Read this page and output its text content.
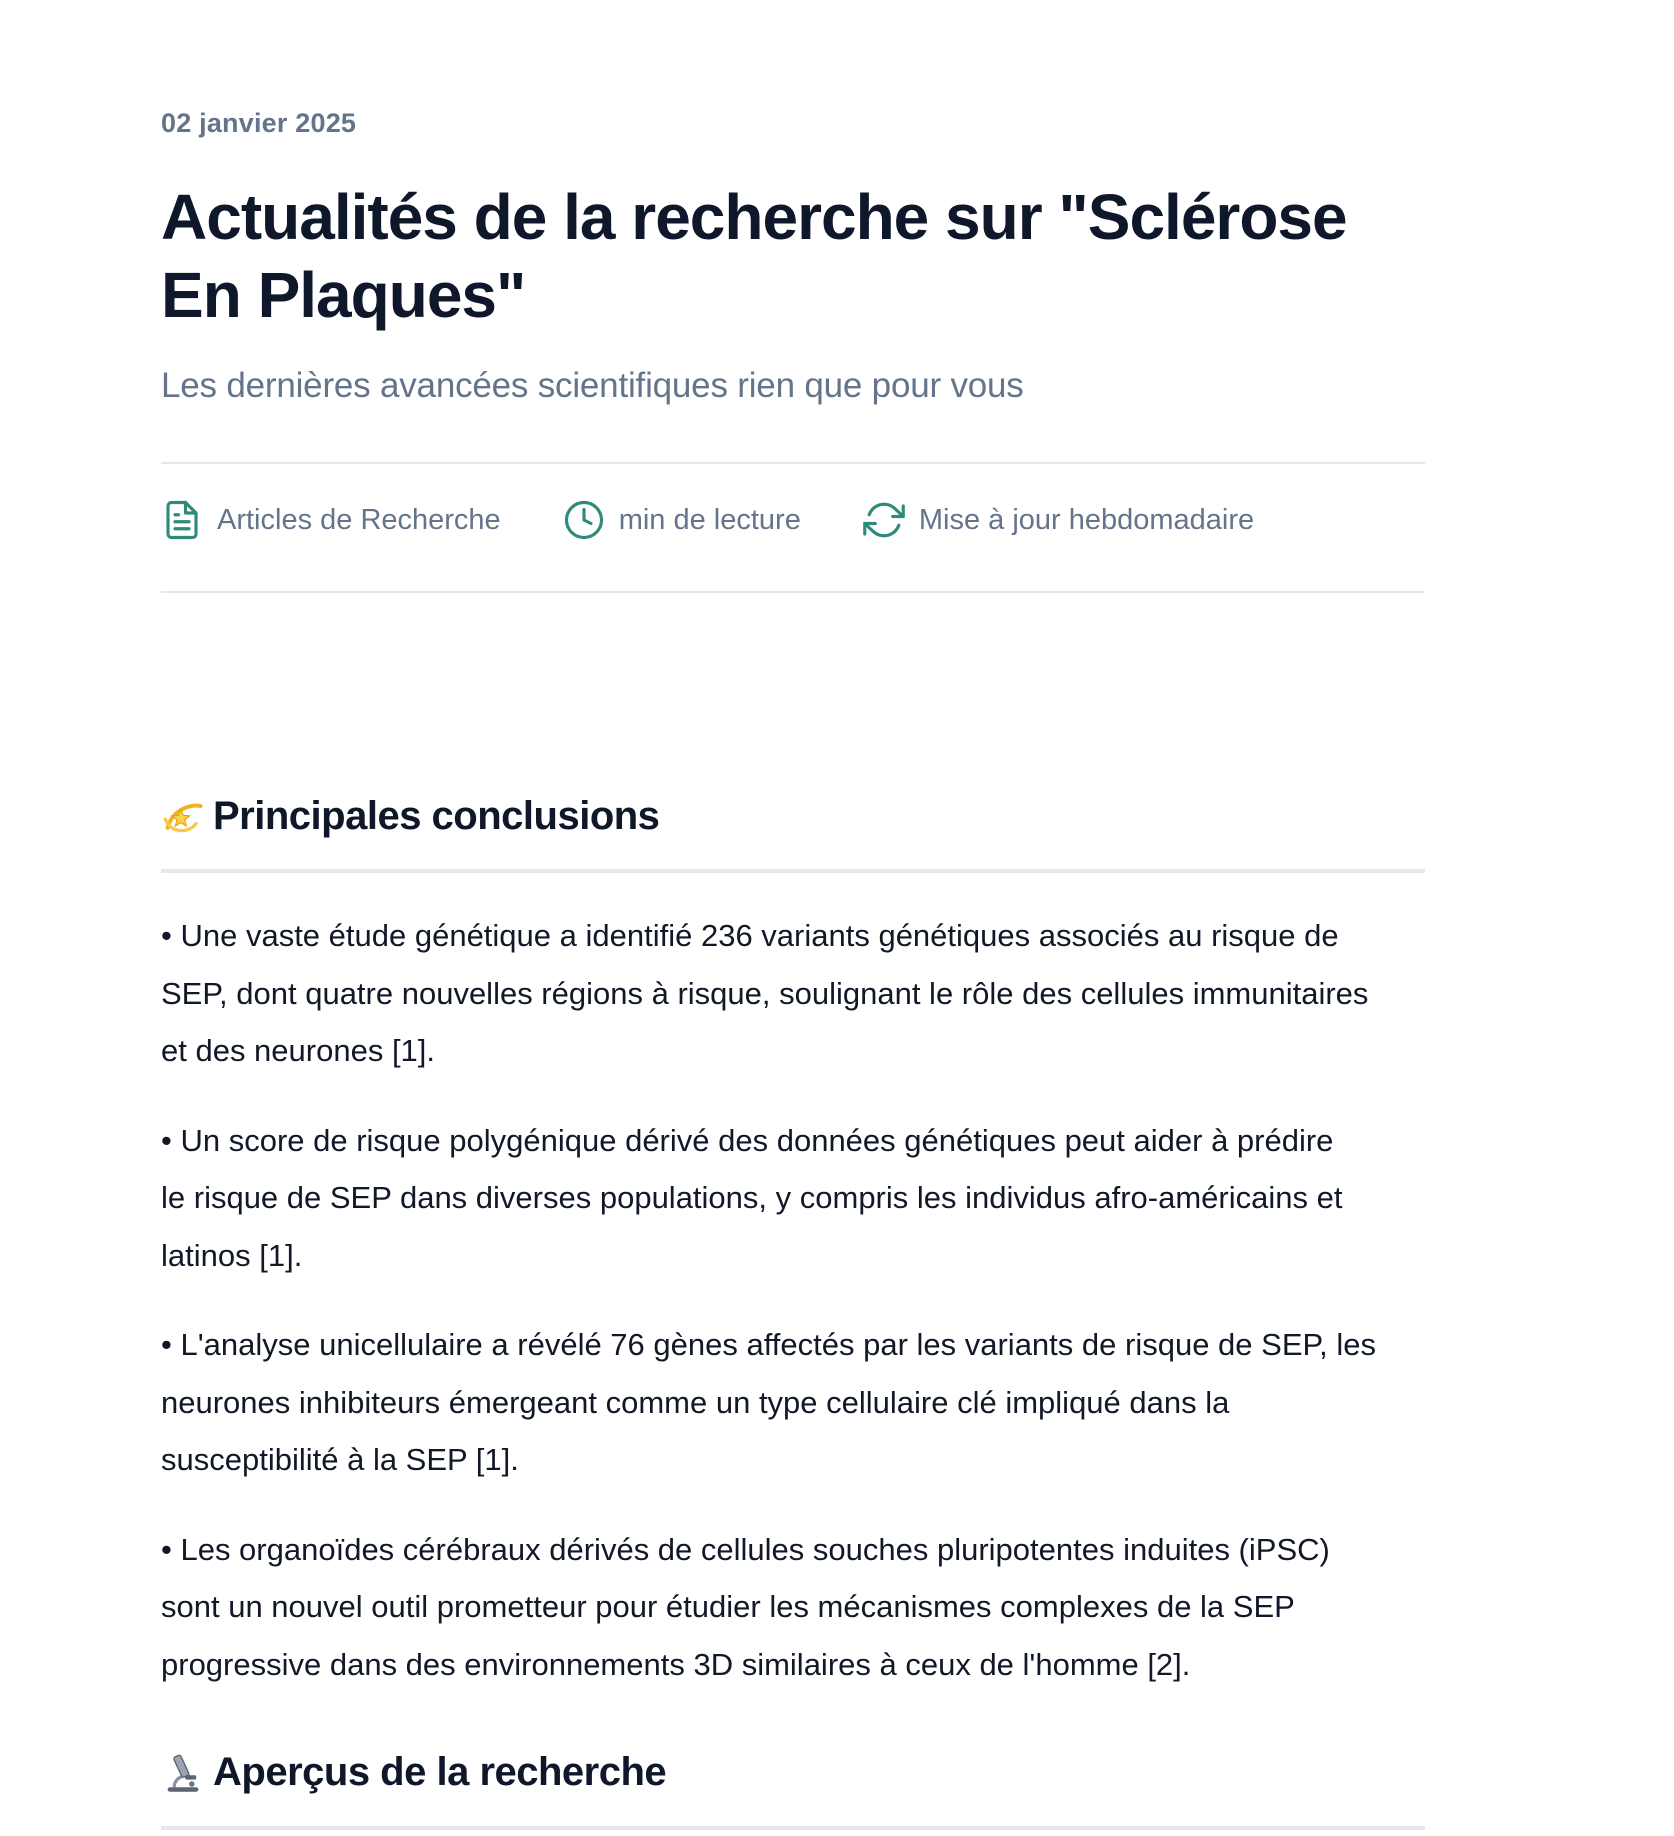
02 janvier 2025
Actualités de la recherche sur "Sclérose
En Plaques"
Les dernières avancées scientifiques rien que pour vous
Articles de Recherche	min de lecture	Mise à jour hebdomadaire
Principales conclusions

• Une vaste étude génétique a identifié 236 variants génétiques associés au risque de
SEP, dont quatre nouvelles régions à risque, soulignant le rôle des cellules immunitaires
et des neurones [1].

• Un score de risque polygénique dérivé des données génétiques peut aider à prédire
le risque de SEP dans diverses populations, y compris les individus afro-américains et
latinos [1].

• L'analyse unicellulaire a révélé 76 gènes affectés par les variants de risque de SEP, les
neurones inhibiteurs émergeant comme un type cellulaire clé impliqué dans la
susceptibilité à la SEP [1].

• Les organoïdes cérébraux dérivés de cellules souches pluripotentes induites (iPSC)
sont un nouvel outil prometteur pour étudier les mécanismes complexes de la SEP
progressive dans des environnements 3D similaires à ceux de l'homme [2].

Aperçus de la recherche
